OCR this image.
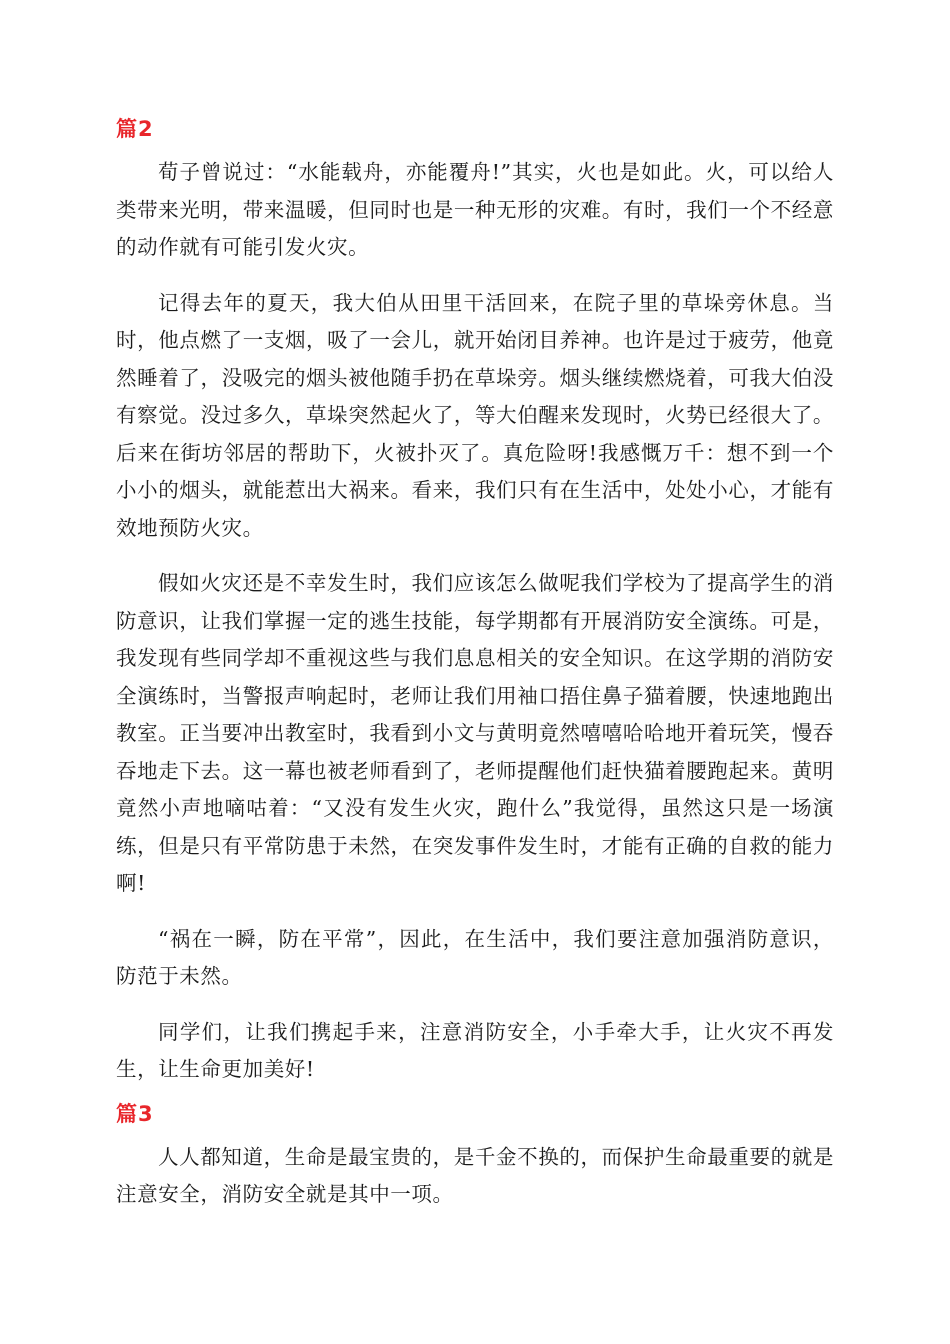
篇2

荀子曾说过：“水能载舟，亦能覆舟!”其实，火也是如此。火，可以给人类带来光明，带来温暖，但同时也是一种无形的灾难。有时，我们一个不经意的动作就有可能引发火灾。

记得去年的夏天，我大伯从田里干活回来，在院子里的草垛旁休息。当时，他点燃了一支烟，吸了一会儿，就开始闭目养神。也许是过于疲劳，他竟然睡着了，没吸完的烟头被他随手扔在草垛旁。烟头继续燃烧着，可我大伯没有察觉。没过多久，草垛突然起火了，等大伯醒来发现时，火势已经很大了。后来在街坊邻居的帮助下，火被扑灭了。真危险呀!我感慨万千：想不到一个小小的烟头，就能惹出大祸来。看来，我们只有在生活中，处处小心，才能有效地预防火灾。

假如火灾还是不幸发生时，我们应该怎么做呢我们学校为了提高学生的消防意识，让我们掌握一定的逃生技能，每学期都有开展消防安全演练。可是，我发现有些同学却不重视这些与我们息息相关的安全知识。在这学期的消防安全演练时，当警报声响起时，老师让我们用袖口捂住鼻子猫着腰，快速地跑出教室。正当要冲出教室时，我看到小文与黄明竟然嘻嘻哈哈地开着玩笑，慢吞吞地走下去。这一幕也被老师看到了，老师提醒他们赶快猫着腰跑起来。黄明竟然小声地嘀咕着：“又没有发生火灾，跑什么”我觉得，虽然这只是一场演练，但是只有平常防患于未然，在突发事件发生时，才能有正确的自救的能力啊!

“祸在一瞬，防在平常”，因此，在生活中，我们要注意加强消防意识，防范于未然。

同学们，让我们携起手来，注意消防安全，小手牵大手，让火灾不再发生，让生命更加美好!

篇3

人人都知道，生命是最宝贵的，是千金不换的，而保护生命最重要的就是注意安全，消防安全就是其中一项。
